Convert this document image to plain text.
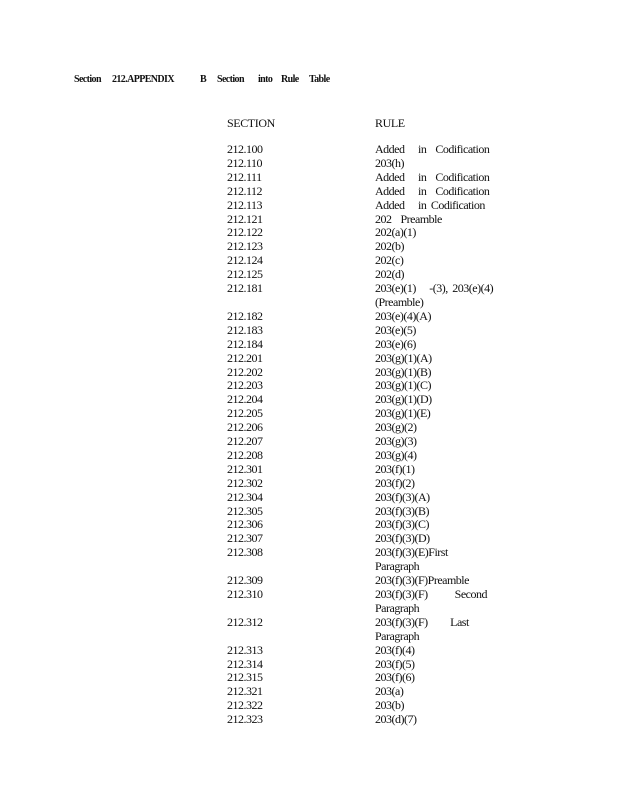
Section 212.APPENDIX	B Section into Rule Table
SECTION	RULE
212.100	Added   in  Codification
212.110	203(h)
212.111	Added   in  Codification
212.112	Added   in  Codification
212.113	Added   in Codification
212.121	202  Preamble
212.122	202(a)(1)
212.123	202(b)
212.124	202(c)
212.125	202(d)
212.181	203(e)(1)   -(3), 203(e)(4)(Preamble)
212.182	203(e)(4)(A)
212.183	203(e)(5)
212.184	203(e)(6)
212.201	203(g)(1)(A)
212.202	203(g)(1)(B)
212.203	203(g)(1)(C)
212.204	203(g)(1)(D)
212.205	203(g)(1)(E)
212.206	203(g)(2)
212.207	203(g)(3)
212.208	203(g)(4)
212.301	203(f)(1)
212.302	203(f)(2)
212.304	203(f)(3)(A)
212.305	203(f)(3)(B)
212.306	203(f)(3)(C)
212.307	203(f)(3)(D)
212.308	203(f)(3)(E)First        Paragraph
212.309	203(f)(3)(F)Preamble
212.310	203(f)(3)(F)      Second Paragraph
212.312	203(f)(3)(F)     Last  Paragraph
212.313	203(f)(4)
212.314	203(f)(5)
212.315	203(f)(6)
212.321	203(a)
212.322	203(b)
212.323	203(d)(7)
